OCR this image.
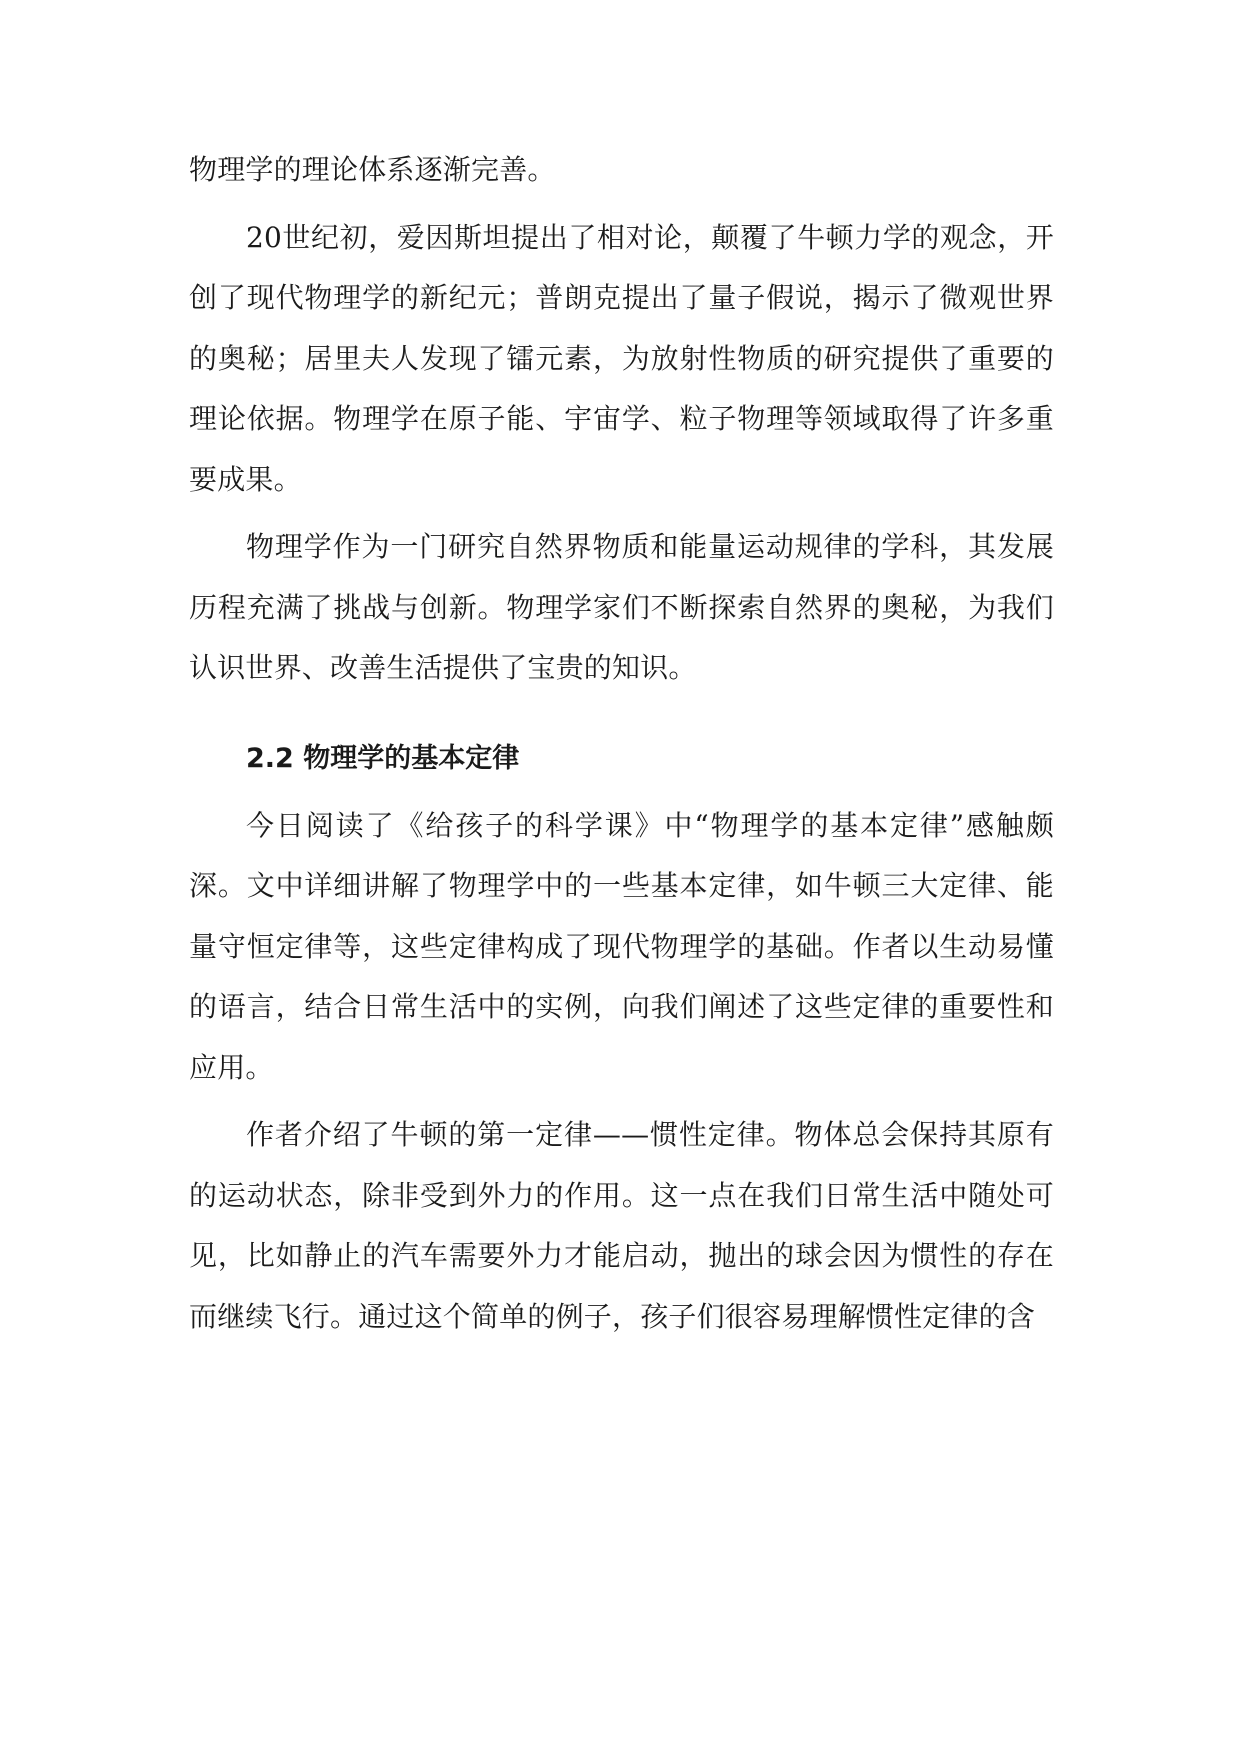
物理学的理论体系逐渐完善。

20世纪初，爱因斯坦提出了相对论，颠覆了牛顿力学的观念，开创了现代物理学的新纪元；普朗克提出了量子假说，揭示了微观世界的奥秘；居里夫人发现了镭元素，为放射性物质的研究提供了重要的理论依据。物理学在原子能、宇宙学、粒子物理等领域取得了许多重要成果。

物理学作为一门研究自然界物质和能量运动规律的学科，其发展历程充满了挑战与创新。物理学家们不断探索自然界的奥秘，为我们认识世界、改善生活提供了宝贵的知识。

2.2 物理学的基本定律

今日阅读了《给孩子的科学课》中“物理学的基本定律”感触颇深。文中详细讲解了物理学中的一些基本定律，如牛顿三大定律、能量守恒定律等，这些定律构成了现代物理学的基础。作者以生动易懂的语言，结合日常生活中的实例，向我们阐述了这些定律的重要性和应用。

作者介绍了牛顿的第一定律——惯性定律。物体总会保持其原有的运动状态，除非受到外力的作用。这一点在我们日常生活中随处可见，比如静止的汽车需要外力才能启动，抛出的球会因为惯性的存在而继续飞行。通过这个简单的例子，孩子们很容易理解惯性定律的含
